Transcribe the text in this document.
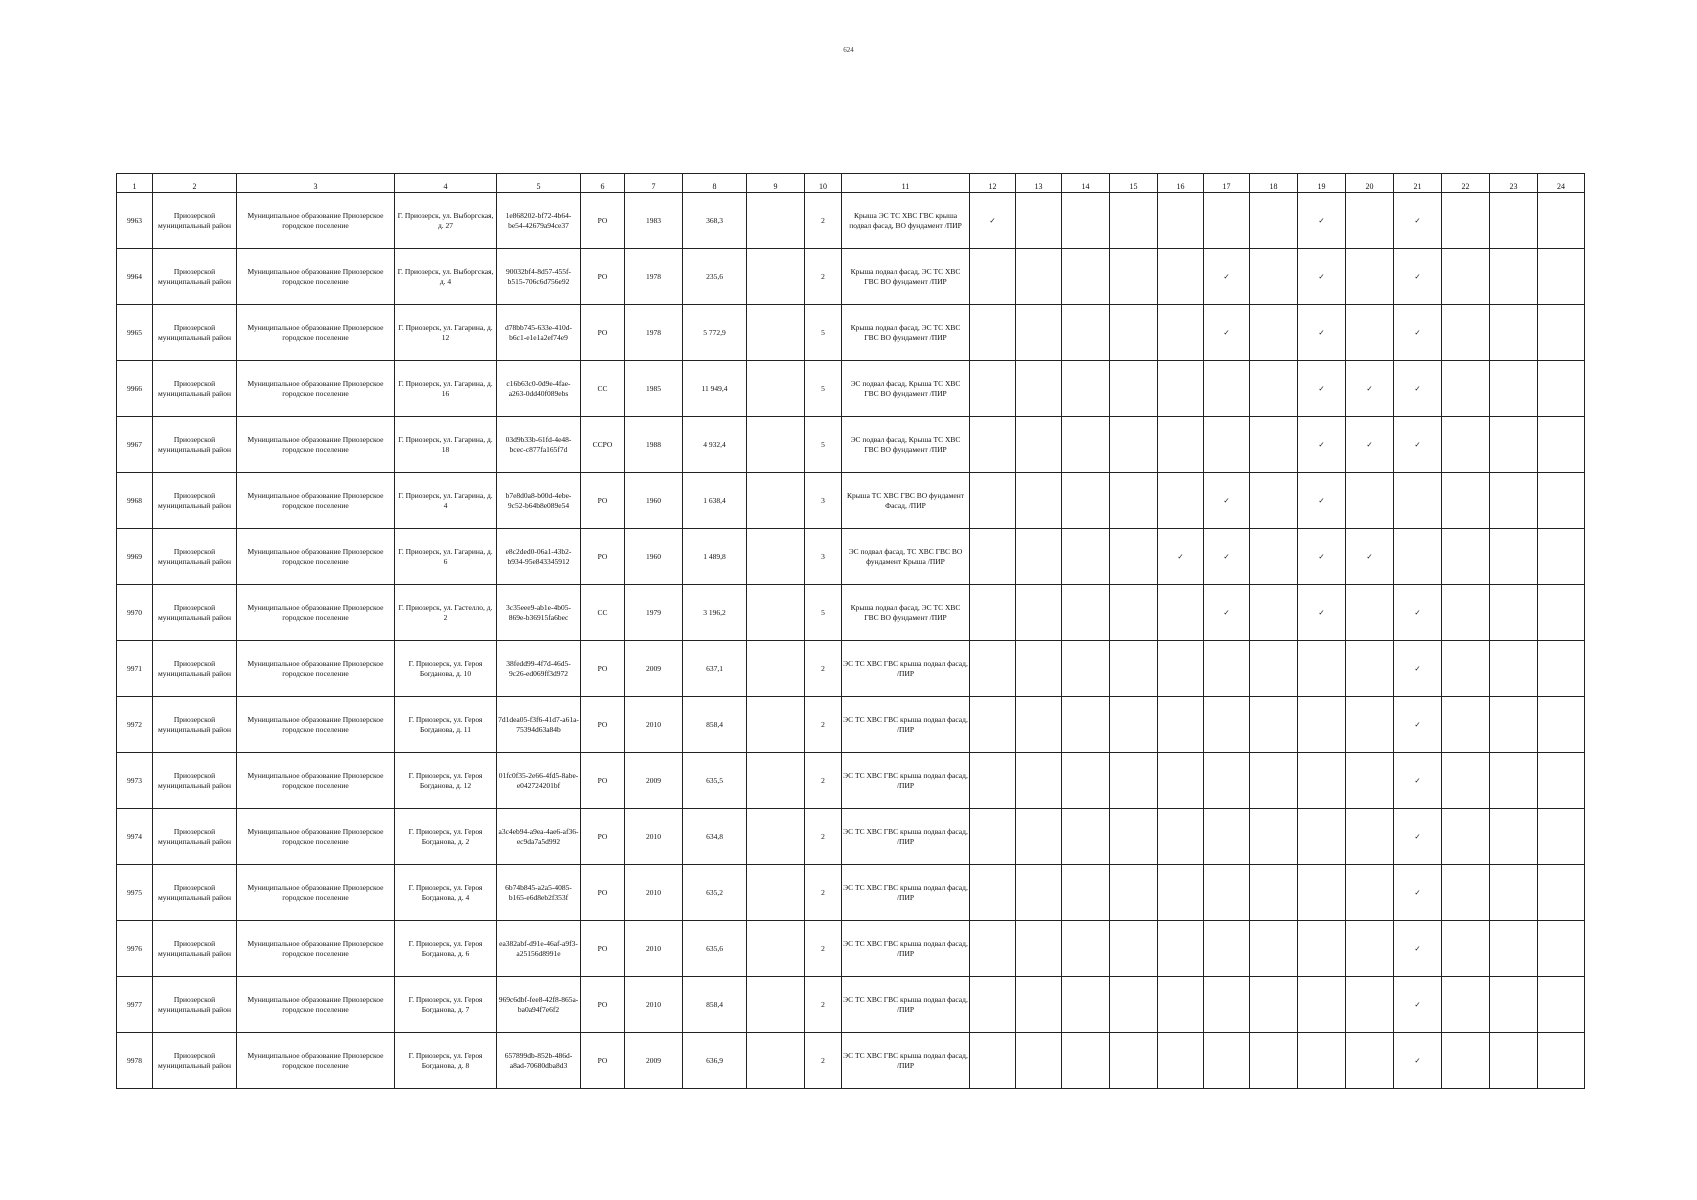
624
1	2	3	4	5	6	7	8	9	10	11	12	13	14	15	16	17	18	19	20	21	22	23	24
9963	Приозерской муниципальный район	Муниципальное образование Приозерское городское поселение	Г. Приозерск, ул. Выборгская, д. 27	1e868202-bf72-4b64-be54-42679a94ce37	РО	1983	368,3		2	Крыша ЭС ТС ХВС ГВС крыша подвал фасад, ВО фундамент /ПИР	✓							✓		✓			
9964	Приозерской муниципальный район	Муниципальное образование Приозерское городское поселение	Г. Приозерск, ул. Выборгская, д. 4	90032bf4-8d57-455f-b515-706c6d756e92	РО	1978	235,6		2	Крыша подвал фасад, ЭС ТС ХВС ГВС ВО фундамент /ПИР						✓		✓		✓			
9965	Приозерской муниципальный район	Муниципальное образование Приозерское городское поселение	Г. Приозерск, ул. Гагарина, д. 12	d78bb745-633e-410d-b6c1-e1e1a2ef74e9	РО	1978	5 772,9		5	Крыша подвал фасад, ЭС ТС ХВС ГВС ВО фундамент /ПИР						✓		✓		✓			
9966	Приозерской муниципальный район	Муниципальное образование Приозерское городское поселение	Г. Приозерск, ул. Гагарина, д. 16	c16b63c0-0d9e-4fae-a263-0dd40f089ebs	СС	1985	11 949,4		5	ЭС подвал фасад, Крыша ТС ХВС ГВС ВО фундамент /ПИР								✓	✓	✓			
9967	Приозерской муниципальный район	Муниципальное образование Приозерское городское поселение	Г. Приозерск, ул. Гагарина, д. 18	03d9b33b-61fd-4e48-bcec-c877fa165f7d	ССРО	1988	4 932,4		5	ЭС подвал фасад, Крыша ТС ХВС ГВС ВО фундамент /ПИР								✓	✓	✓			
9968	Приозерской муниципальный район	Муниципальное образование Приозерское городское поселение	Г. Приозерск, ул. Гагарина, д. 4	b7e8d0a8-b00d-4ebe-9c52-b64b8e089e54	РО	1960	1 638,4		3	Крыша ТС ХВС ГВС ВО фундамент Фасад, /ПИР						✓		✓					
9969	Приозерской муниципальный район	Муниципальное образование Приозерское городское поселение	Г. Приозерск, ул. Гагарина, д. 6	e8c2ded0-06a1-43b2-b934-95e843345912	РО	1960	1 489,8		3	ЭС подвал фасад, ТС ХВС ГВС ВО фундамент Крыша /ПИР					✓	✓		✓	✓				
9970	Приозерской муниципальный район	Муниципальное образование Приозерское городское поселение	Г. Приозерск, ул. Гастелло, д. 2	3c35eee9-ab1e-4b05-869e-b36915fa6bec	СС	1979	3 196,2		5	Крыша подвал фасад, ЭС ТС ХВС ГВС ВО фундамент /ПИР						✓		✓		✓			
9971	Приозерской муниципальный район	Муниципальное образование Приозерское городское поселение	Г. Приозерск, ул. Героя Богданова, д. 10	38fedd99-4f7d-46d5-9c26-ed069ff3d972	РО	2009	637,1		2	ЭС ТС ХВС ГВС крыша подвал фасад, /ПИР										✓			
9972	Приозерской муниципальный район	Муниципальное образование Приозерское городское поселение	Г. Приозерск, ул. Героя Богданова, д. 11	7d1dea05-f3f6-41d7-a61a-75394d63a84b	РО	2010	858,4		2	ЭС ТС ХВС ГВС крыша подвал фасад, /ПИР										✓			
9973	Приозерской муниципальный район	Муниципальное образование Приозерское городское поселение	Г. Приозерск, ул. Героя Богданова, д. 12	01fc0f35-2e66-4fd5-8abe-e042724201bf	РО	2009	635,5		2	ЭС ТС ХВС ГВС крыша подвал фасад, /ПИР										✓			
9974	Приозерской муниципальный район	Муниципальное образование Приозерское городское поселение	Г. Приозерск, ул. Героя Богданова, д. 2	a3c4eb94-a9ea-4ae6-af36-ec9da7a5d992	РО	2010	634,8		2	ЭС ТС ХВС ГВС крыша подвал фасад, /ПИР										✓			
9975	Приозерской муниципальный район	Муниципальное образование Приозерское городское поселение	Г. Приозерск, ул. Героя Богданова, д. 4	6b74b845-a2a5-4085-b165-e6d8eb2f353f	РО	2010	635,2		2	ЭС ТС ХВС ГВС крыша подвал фасад, /ПИР										✓			
9976	Приозерской муниципальный район	Муниципальное образование Приозерское городское поселение	Г. Приозерск, ул. Героя Богданова, д. 6	ea382abf-d91e-46af-a9f3-a25156d8991e	РО	2010	635,6		2	ЭС ТС ХВС ГВС крыша подвал фасад, /ПИР										✓			
9977	Приозерской муниципальный район	Муниципальное образование Приозерское городское поселение	Г. Приозерск, ул. Героя Богданова, д. 7	969c6dbf-fee8-42f8-865a-ba0a94f7e6f2	РО	2010	858,4		2	ЭС ТС ХВС ГВС крыша подвал фасад, /ПИР										✓			
9978	Приозерской муниципальный район	Муниципальное образование Приозерское городское поселение	Г. Приозерск, ул. Героя Богданова, д. 8	657899db-852b-486d-a8ad-70680dba8d3	РО	2009	636,9		2	ЭС ТС ХВС ГВС крыша подвал фасад, /ПИР										✓			
